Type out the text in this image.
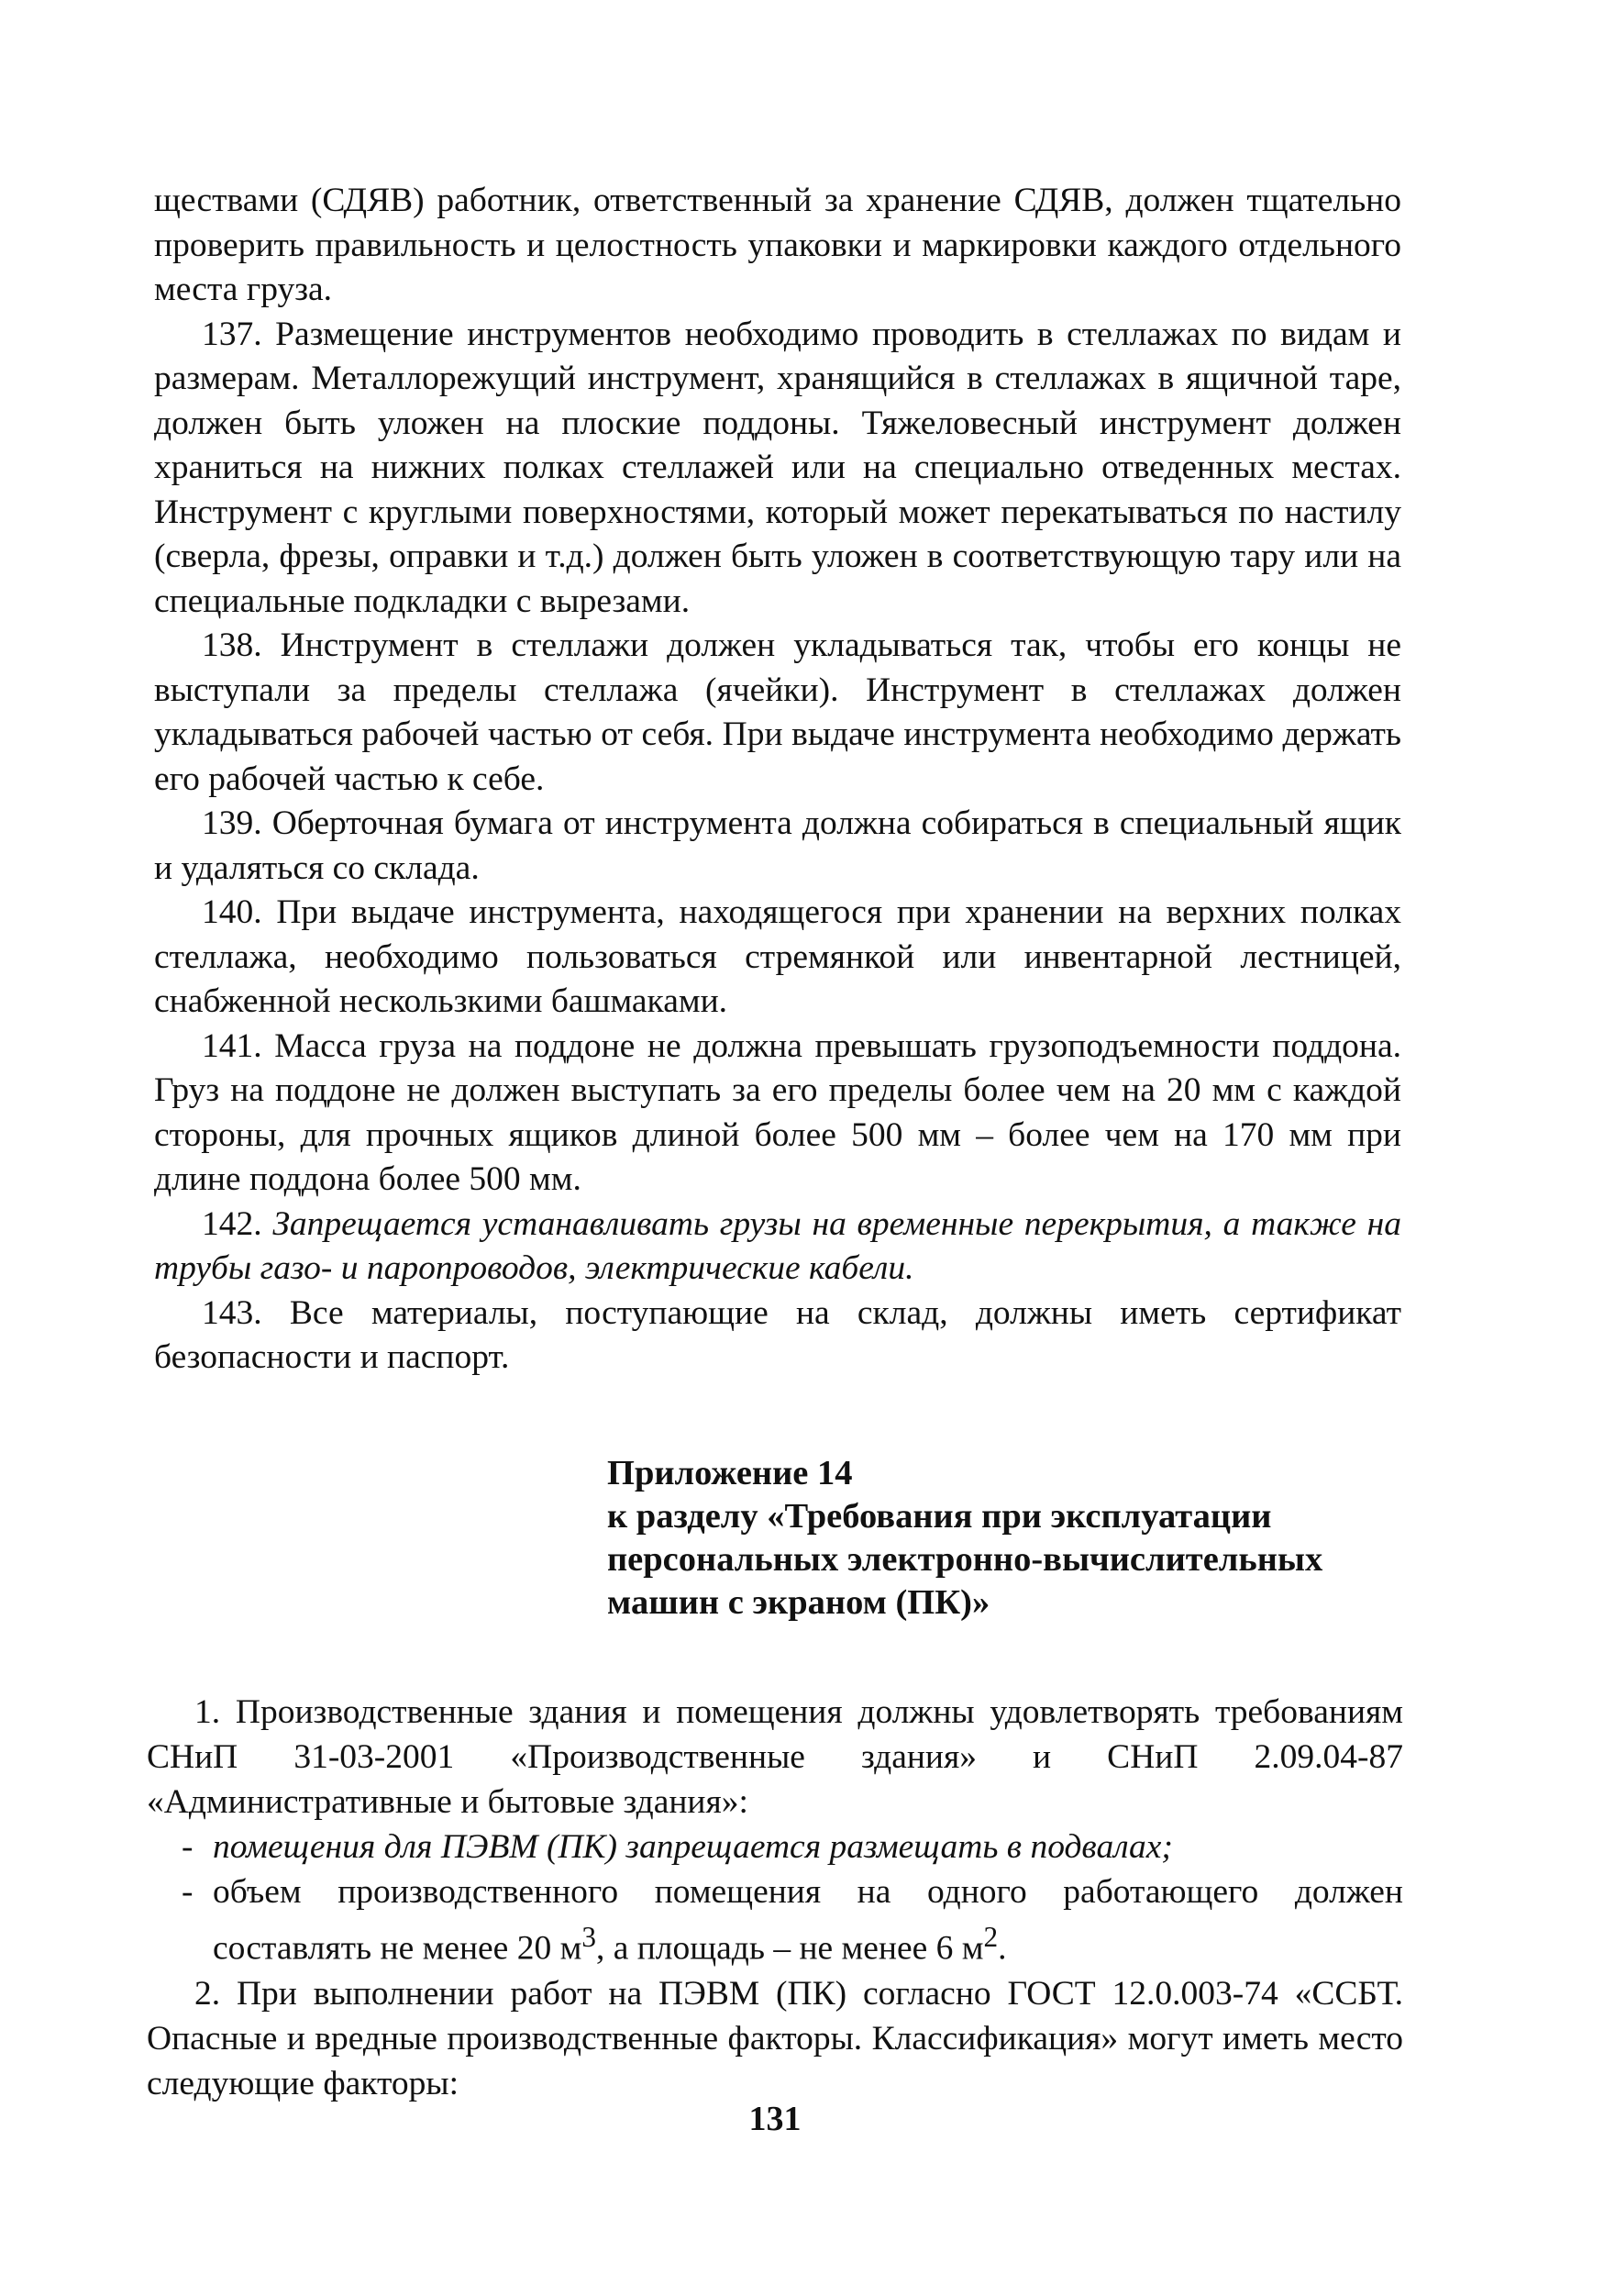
ществами (СДЯВ) работник, ответственный за хранение СДЯВ, должен тщательно проверить правильность и целостность упаковки и маркировки каждого отдельного места груза.

137. Размещение инструментов необходимо проводить в стеллажах по видам и размерам. Металлорежущий инструмент, хранящийся в стеллажах в ящичной таре, должен быть уложен на плоские поддоны. Тяжеловесный инструмент должен храниться на нижних полках стеллажей или на специально отведенных местах. Инструмент с круглыми поверхностями, который может перекатываться по настилу (сверла, фрезы, оправки и т.д.) должен быть уложен в соответствующую тару или на специальные подкладки с вырезами.

138. Инструмент в стеллажи должен укладываться так, чтобы его концы не выступали за пределы стеллажа (ячейки). Инструмент в стеллажах должен укладываться рабочей частью от себя. При выдаче инструмента необходимо держать его рабочей частью к себе.

139. Оберточная бумага от инструмента должна собираться в специальный ящик и удаляться со склада.

140. При выдаче инструмента, находящегося при хранении на верхних полках стеллажа, необходимо пользоваться стремянкой или инвентарной лестницей, снабженной нескользкими башмаками.

141. Масса груза на поддоне не должна превышать грузоподъемности поддона. Груз на поддоне не должен выступать за его пределы более чем на 20 мм с каждой стороны, для прочных ящиков длиной более 500 мм – более чем на 170 мм при длине поддона более 500 мм.

142. Запрещается устанавливать грузы на временные перекрытия, а также на трубы газо- и паропроводов, электрические кабели.

143. Все материалы, поступающие на склад, должны иметь сертификат безопасности и паспорт.

Приложение 14
к разделу «Требования при эксплуатации
персональных электронно-вычислительных
машин с экраном (ПК)»

1. Производственные здания и помещения должны удовлетворять требованиям СНиП 31-03-2001 «Производственные здания» и СНиП 2.09.04-87 «Административные и бытовые здания»:

- помещения для ПЭВМ (ПК) запрещается размещать в подвалах;

- объем производственного помещения на одного работающего должен составлять не менее 20 $м^3$, а площадь – не менее 6 $м^2$.

2. При выполнении работ на ПЭВМ (ПК) согласно ГОСТ 12.0.003-74 «ССБТ. Опасные и вредные производственные факторы. Классификация» могут иметь место следующие факторы:

131
